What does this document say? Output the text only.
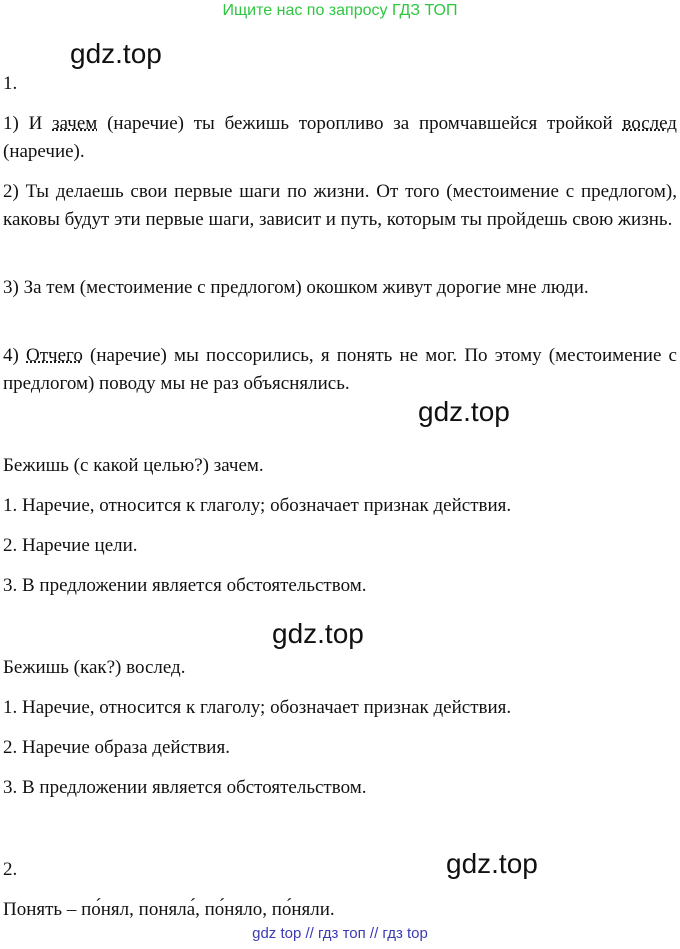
Ищите нас по запросу ГДЗ ТОП
gdz.top

1.

1) И зачем (наречие) ты бежишь торопливо за промчавшейся тройкой вослед (наречие).

2) Ты делаешь свои первые шаги по жизни. От того (местоимение с предлогом), каковы будут эти первые шаги, зависит и путь, которым ты пройдешь свою жизнь.

3) За тем (местоимение с предлогом) окошком живут дорогие мне люди.

4) Отчего (наречие) мы поссорились, я понять не мог. По этому (местоимение с предлогом) поводу мы не раз объяснялись.

gdz.top

Бежишь (с какой целью?) зачем.

1. Наречие, относится к глаголу; обозначает признак действия.

2. Наречие цели.

3. В предложении является обстоятельством.

gdz.top

Бежишь (как?) вослед.

1. Наречие, относится к глаголу; обозначает признак действия.

2. Наречие образа действия.

3. В предложении является обстоятельством.

2.	gdz.top

Понять – по́нял, поняла́, по́няло, по́няли.

gdz top // гдз топ // гдз top
